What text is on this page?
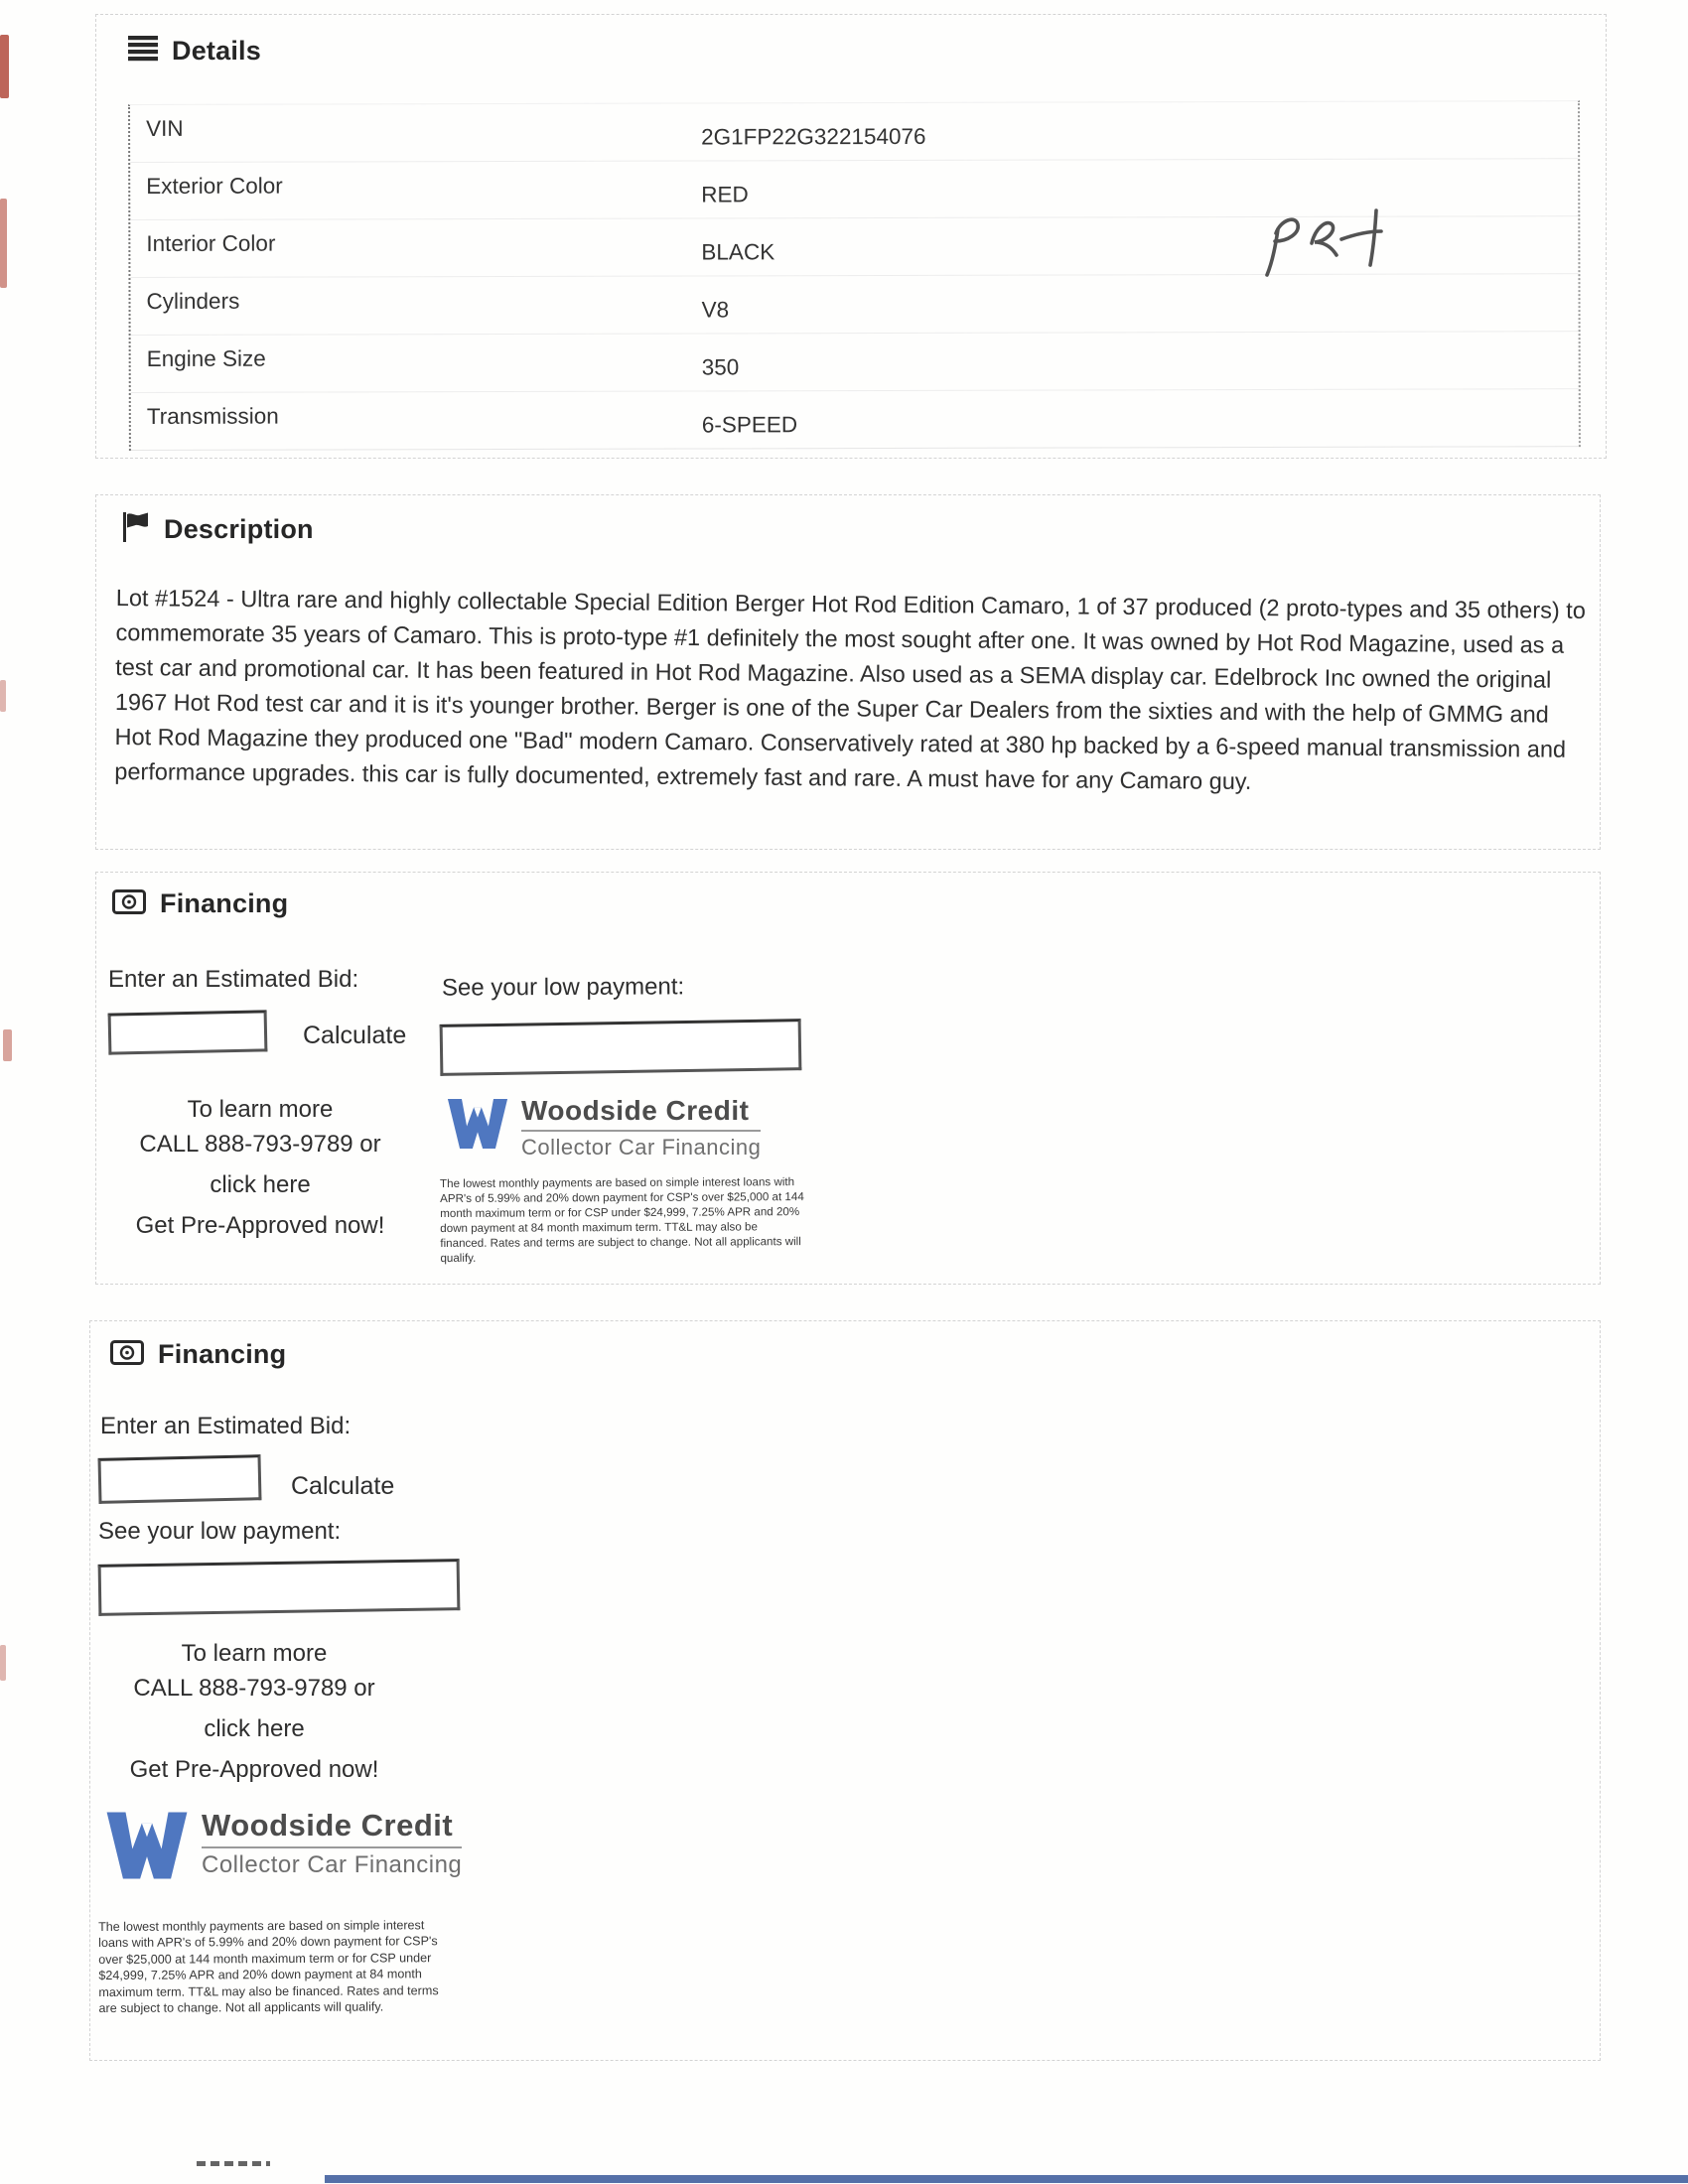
Details
VIN	2G1FP22G322154076
Exterior Color	RED
Interior Color	BLACK
Cylinders	V8
Engine Size	350
Transmission	6-SPEED
Description
Lot #1524 - Ultra rare and highly collectable Special Edition Berger Hot Rod Edition Camaro, 1 of 37 produced (2 proto-types and 35 others) to commemorate 35 years of Camaro. This is proto-type #1 definitely the most sought after one. It was owned by Hot Rod Magazine, used as a test car and promotional car. It has been featured in Hot Rod Magazine. Also used as a SEMA display car. Edelbrock Inc owned the original 1967 Hot Rod test car and it is it's younger brother. Berger is one of the Super Car Dealers from the sixties and with the help of GMMG and Hot Rod Magazine they produced one "Bad" modern Camaro. Conservatively rated at 380 hp backed by a 6-speed manual transmission and performance upgrades. this car is fully documented, extremely fast and rare. A must have for any Camaro guy.
Financing
Enter an Estimated Bid:	See your low payment:
Calculate
To learn more
CALL 888-793-9789 or
click here
Get Pre-Approved now!
Woodside Credit
Collector Car Financing
The lowest monthly payments are based on simple interest loans with APR's of 5.99% and 20% down payment for CSP's over $25,000 at 144 month maximum term or for CSP under $24,999, 7.25% APR and 20% down payment at 84 month maximum term. TT&L may also be financed. Rates and terms are subject to change. Not all applicants will qualify.
Financing
Enter an Estimated Bid:
Calculate
See your low payment:
To learn more
CALL 888-793-9789 or
click here
Get Pre-Approved now!
Woodside Credit
Collector Car Financing
The lowest monthly payments are based on simple interest loans with APR's of 5.99% and 20% down payment for CSP's over $25,000 at 144 month maximum term or for CSP under $24,999, 7.25% APR and 20% down payment at 84 month maximum term. TT&L may also be financed. Rates and terms are subject to change. Not all applicants will qualify.
